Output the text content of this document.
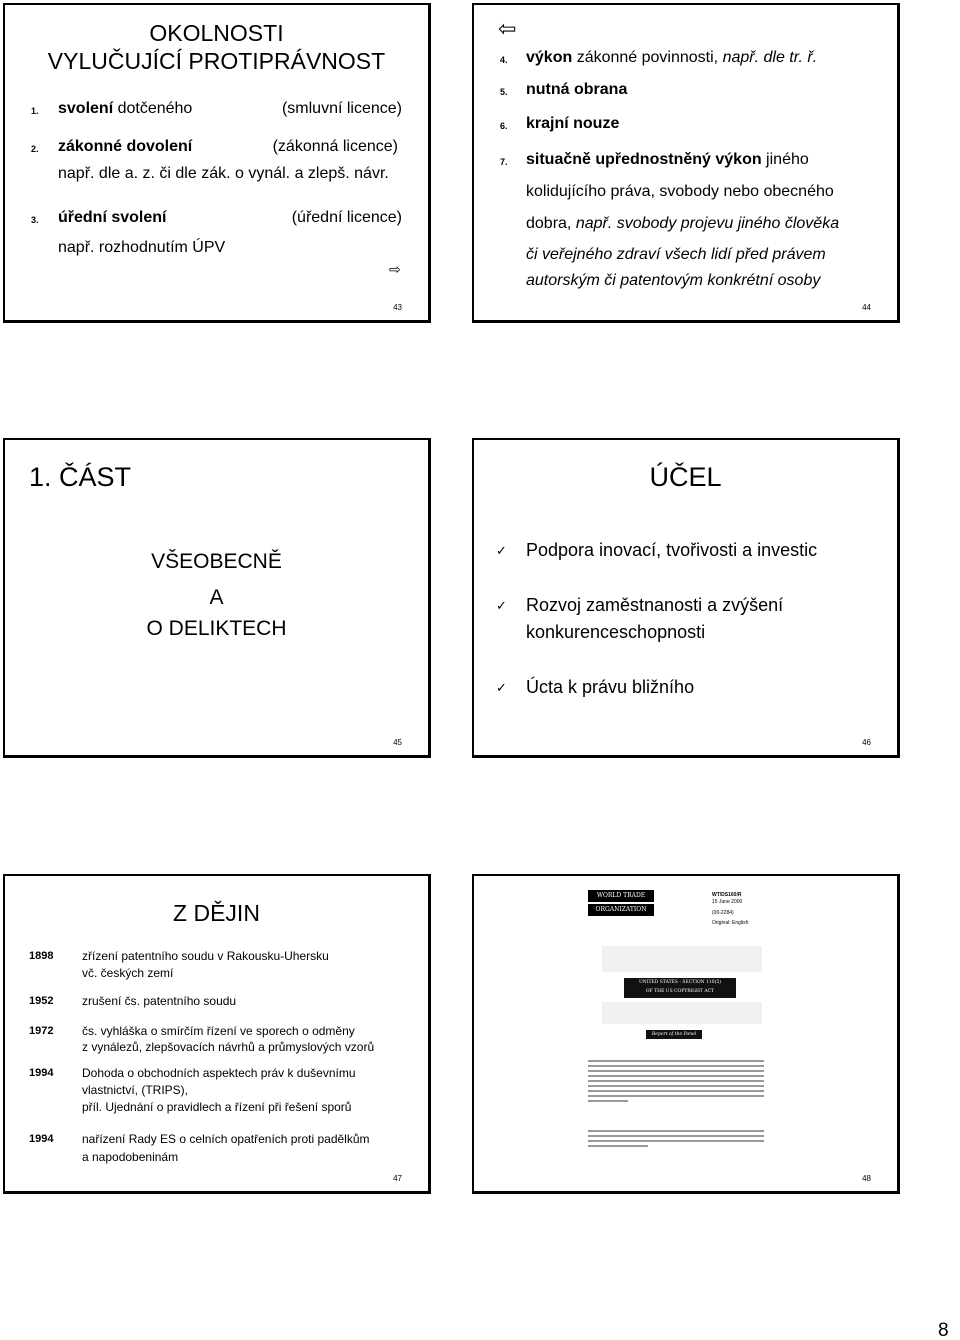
OKOLNOSTI
VYLUČUJÍCÍ PROTIPRÁVNOST
1. svolení dotčeného	(smluvní licence)
2. zákonné dovolení	(zákonná licence)
např. dle a. z. či dle zák. o vynál. a zlepš. návr.
3. úřední svolení	(úřední licence)
např. rozhodnutím ÚPV
⇨
43
⇦
4. výkon zákonné povinnosti, např. dle tr. ř.
5. nutná obrana
6. krajní nouze
7. situačně upřednostněný výkon jiného
kolidujícího práva, svobody nebo obecného
dobra, např. svobody projevu jiného člověka
či veřejného zdraví všech lidí před právem
autorským či patentovým konkrétní osoby
44
1. ČÁST
VŠEOBECNĚ
A
O DELIKTECH
45
ÚČEL
✓ Podpora inovací, tvořivosti a investic
✓ Rozvoj zaměstnanosti a zvýšení
konkurenceschopnosti
✓ Úcta k právu bližního
46
Z DĚJIN
1898 zřízení patentního soudu v Rakousku-Uhersku
vč. českých zemí
1952 zrušení čs. patentního soudu
1972 čs. vyhláška o smírčím řízení ve sporech o odměny
z vynálezů, zlepšovacích návrhů a průmyslových vzorů
1994 Dohoda o obchodních aspektech práv k duševnímu
vlastnictví, (TRIPS),
příl. Ujednání o pravidlech a řízení při řešení sporů
1994 nařízení Rady ES o celních opatřeních proti padělkům
a napodobeninám
47
WORLD TRADE
ORGANIZATION
WT/DS160/R
15 June 2000
(00-2284)
Original: English
UNITED STATES - SECTION 110(5)
OF THE US COPYRIGHT ACT
Report of the Panel
48
8
